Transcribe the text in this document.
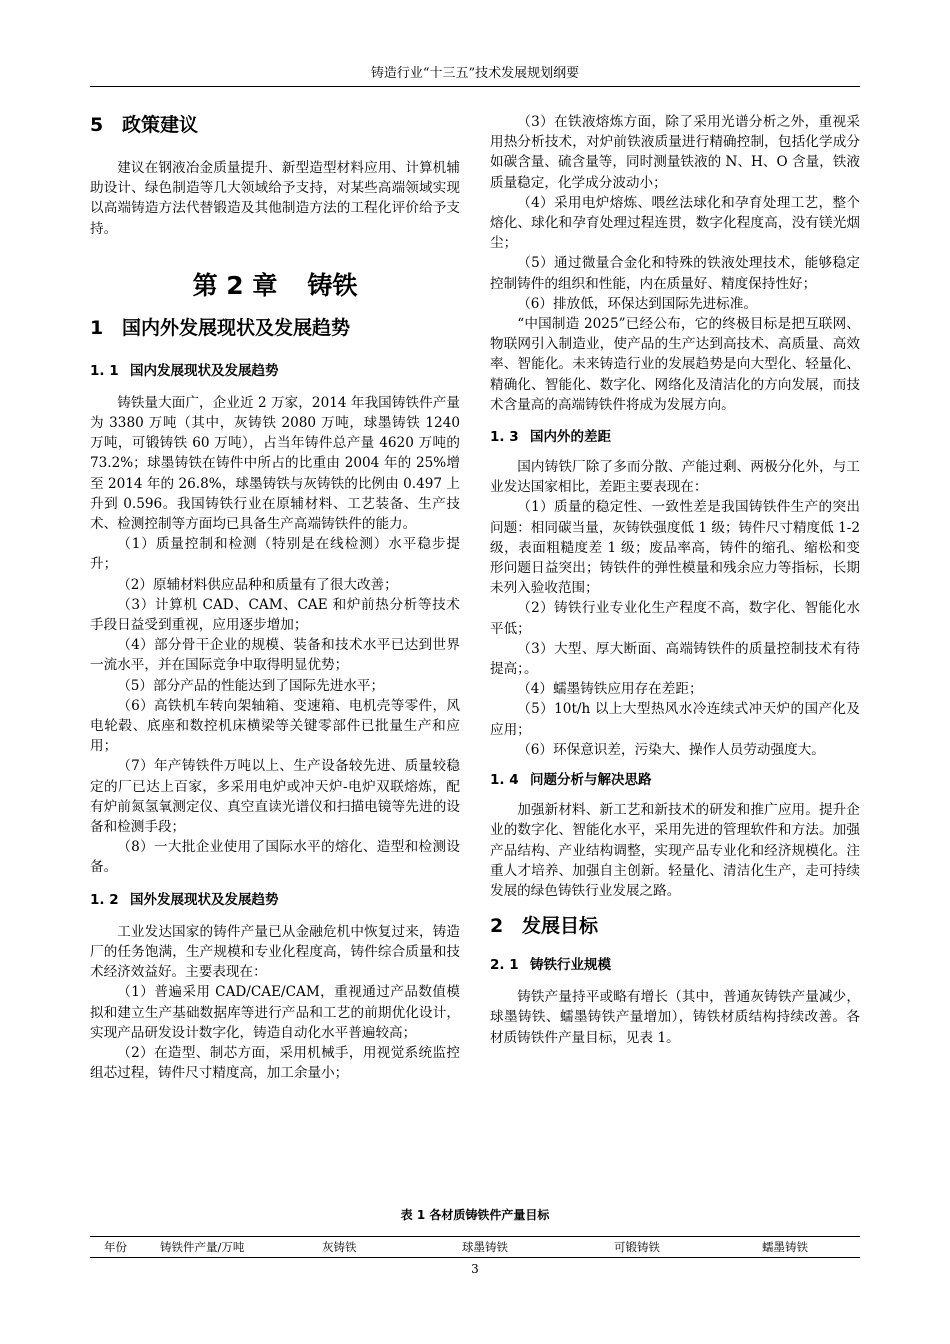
铸造行业“十三五”技术发展规划纲要
5 政策建议

建议在钢液冶金质量提升、新型造型材料应用、计算机辅助设计、绿色制造等几大领域给予支持，对某些高端领域实现以高端铸造方法代替锻造及其他制造方法的工程化评价给予支持。

第 2 章 铸铁
1 国内外发展现状及发展趋势
1. 1 国内发展现状及发展趋势

铸铁量大面广，企业近 2 万家，2014 年我国铸铁件产量为 3380 万吨（其中，灰铸铁 2080 万吨，球墨铸铁 1240 万吨，可锻铸铁 60 万吨），占当年铸件总产量 4620 万吨的 73.2%；球墨铸铁在铸件中所占的比重由 2004 年的 25%增至 2014 年的 26.8%，球墨铸铁与灰铸铁的比例由 0.497 上升到 0.596。我国铸铁行业在原辅材料、工艺装备、生产技术、检测控制等方面均已具备生产高端铸铁件的能力。

（1）质量控制和检测（特别是在线检测）水平稳步提升；

（2）原辅材料供应品种和质量有了很大改善；

（3）计算机 CAD、CAM、CAE 和炉前热分析等技术手段日益受到重视，应用逐步增加；

（4）部分骨干企业的规模、装备和技术水平已达到世界一流水平，并在国际竞争中取得明显优势；

（5）部分产品的性能达到了国际先进水平；

（6）高铁机车转向架轴箱、变速箱、电机壳等零件，风电轮毂、底座和数控机床横梁等关键零部件已批量生产和应用；

（7）年产铸铁件万吨以上、生产设备较先进、质量较稳定的厂已达上百家，多采用电炉或冲天炉-电炉双联熔炼，配有炉前氮氢氧测定仪、真空直读光谱仪和扫描电镜等先进的设备和检测手段；

（8）一大批企业使用了国际水平的熔化、造型和检测设备。

1. 2 国外发展现状及发展趋势

工业发达国家的铸件产量已从金融危机中恢复过来，铸造厂的任务饱满，生产规模和专业化程度高，铸件综合质量和技术经济效益好。主要表现在：

（1）普遍采用 CAD/CAE/CAM，重视通过产品数值模拟和建立生产基础数据库等进行产品和工艺的前期优化设计，实现产品研发设计数字化，铸造自动化水平普遍较高；

（2）在造型、制芯方面，采用机械手，用视觉系统监控组芯过程，铸件尺寸精度高，加工余量小；

（3）在铁液熔炼方面，除了采用光谱分析之外，重视采用热分析技术，对炉前铁液质量进行精确控制，包括化学成分如碳含量、硫含量等，同时测量铁液的 N、H、O 含量，铁液质量稳定，化学成分波动小；

（4）采用电炉熔炼、喂丝法球化和孕育处理工艺，整个熔化、球化和孕育处理过程连贯，数字化程度高，没有镁光烟尘；

（5）通过微量合金化和特殊的铁液处理技术，能够稳定控制铸件的组织和性能，内在质量好、精度保持性好；

（6）排放低，环保达到国际先进标准。

“中国制造 2025”已经公布，它的终极目标是把互联网、物联网引入制造业，使产品的生产达到高技术、高质量、高效率、智能化。未来铸造行业的发展趋势是向大型化、轻量化、精确化、智能化、数字化、网络化及清洁化的方向发展，而技术含量高的高端铸铁件将成为发展方向。

1. 3 国内外的差距

国内铸铁厂除了多而分散、产能过剩、两极分化外，与工业发达国家相比，差距主要表现在：

（1）质量的稳定性、一致性差是我国铸铁件生产的突出问题：相同碳当量，灰铸铁强度低 1 级；铸件尺寸精度低 1-2 级，表面粗糙度差 1 级；废品率高，铸件的缩孔、缩松和变形问题日益突出；铸铁件的弹性模量和残余应力等指标，长期未列入验收范围；

（2）铸铁行业专业化生产程度不高，数字化、智能化水平低；

（3）大型、厚大断面、高端铸铁件的质量控制技术有待提高；。

（4）蠕墨铸铁应用存在差距；

（5）10t/h 以上大型热风水冷连续式冲天炉的国产化及应用；

（6）环保意识差，污染大、操作人员劳动强度大。

1. 4 问题分析与解决思路

加强新材料、新工艺和新技术的研发和推广应用。提升企业的数字化、智能化水平，采用先进的管理软件和方法。加强产品结构、产业结构调整，实现产品专业化和经济规模化。注重人才培养、加强自主创新。轻量化、清洁化生产，走可持续发展的绿色铸铁行业发展之路。

2 发展目标
2. 1 铸铁行业规模

铸铁产量持平或略有增长（其中，普通灰铸铁产量减少，球墨铸铁、蠕墨铸铁产量增加），铸铁材质结构持续改善。各材质铸铁件产量目标，见表 1。

表 1 各材质铸铁件产量目标
年份	铸铁件产量/万吨	灰铸铁	球墨铸铁	可锻铸铁	蠕墨铸铁
3
